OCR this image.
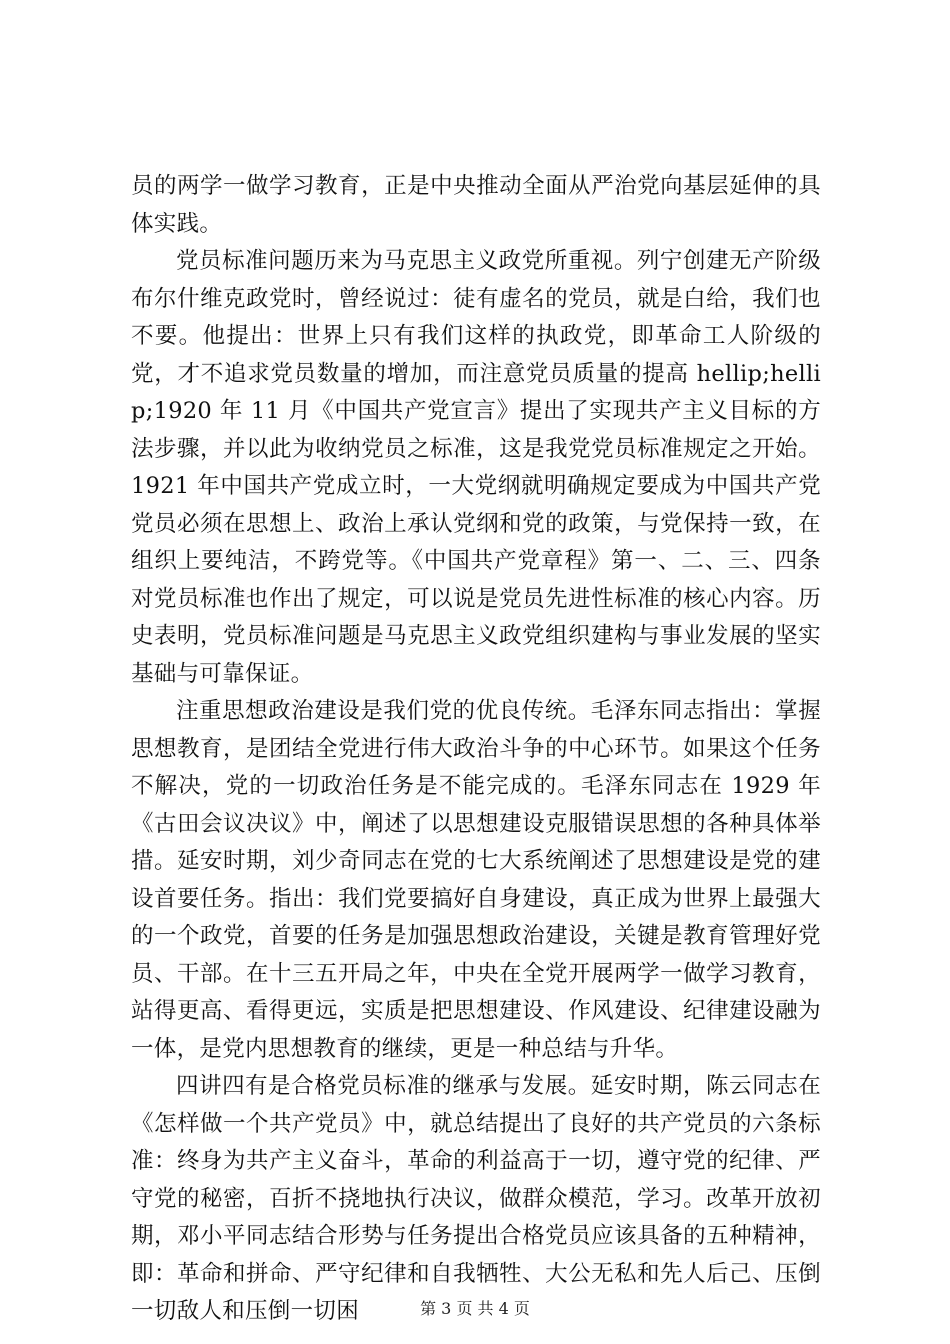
员的两学一做学习教育，正是中央推动全面从严治党向基层延伸的具体实践。

党员标准问题历来为马克思主义政党所重视。列宁创建无产阶级布尔什维克政党时，曾经说过：徒有虚名的党员，就是白给，我们也不要。他提出：世界上只有我们这样的执政党，即革命工人阶级的党，才不追求党员数量的增加，而注意党员质量的提高 hellip;hellip;1920 年 11 月《中国共产党宣言》提出了实现共产主义目标的方法步骤，并以此为收纳党员之标准，这是我党党员标准规定之开始。1921 年中国共产党成立时，一大党纲就明确规定要成为中国共产党党员必须在思想上、政治上承认党纲和党的政策，与党保持一致，在组织上要纯洁，不跨党等。《中国共产党章程》第一、二、三、四条对党员标准也作出了规定，可以说是党员先进性标准的核心内容。历史表明，党员标准问题是马克思主义政党组织建构与事业发展的坚实基础与可靠保证。

注重思想政治建设是我们党的优良传统。毛泽东同志指出：掌握思想教育，是团结全党进行伟大政治斗争的中心环节。如果这个任务不解决，党的一切政治任务是不能完成的。毛泽东同志在 1929 年《古田会议决议》中，阐述了以思想建设克服错误思想的各种具体举措。延安时期，刘少奇同志在党的七大系统阐述了思想建设是党的建设首要任务。指出：我们党要搞好自身建设，真正成为世界上最强大的一个政党，首要的任务是加强思想政治建设，关键是教育管理好党员、干部。在十三五开局之年，中央在全党开展两学一做学习教育，站得更高、看得更远，实质是把思想建设、作风建设、纪律建设融为一体，是党内思想教育的继续，更是一种总结与升华。

四讲四有是合格党员标准的继承与发展。延安时期，陈云同志在《怎样做一个共产党员》中，就总结提出了良好的共产党员的六条标准：终身为共产主义奋斗，革命的利益高于一切，遵守党的纪律、严守党的秘密，百折不挠地执行决议，做群众模范，学习。改革开放初期，邓小平同志结合形势与任务提出合格党员应该具备的五种精神，即：革命和拼命、严守纪律和自我牺牲、大公无私和先人后己、压倒一切敌人和压倒一切困	第 3 页 共 4 页
